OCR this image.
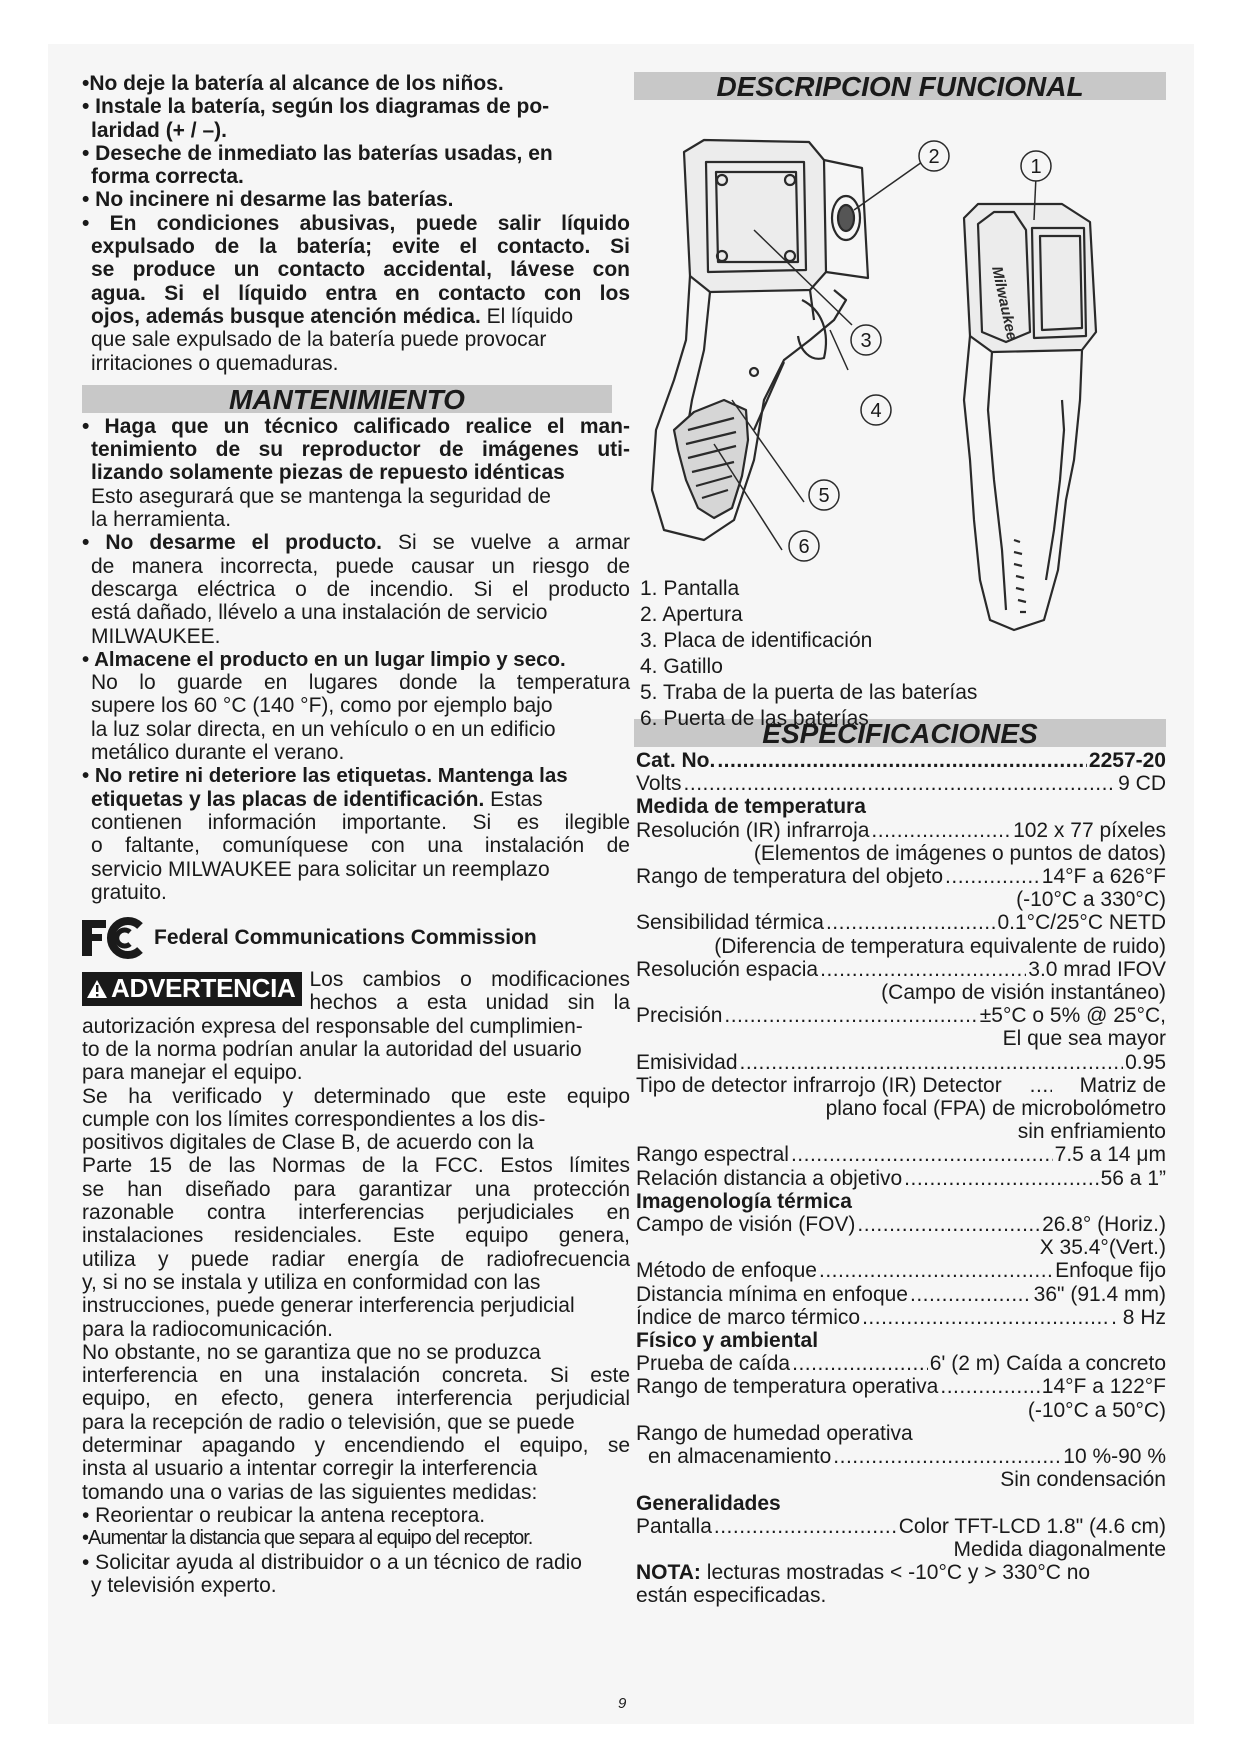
•No deje la batería al alcance de los niños.
• Instale la batería, según los diagramas de po-
laridad (+ / –).
• Deseche de inmediato las baterías usadas, en
forma correcta.
• No incinere ni desarme las baterías.
• En condiciones abusivas, puede salir líquido
expulsado de la batería; evite el contacto. Si
se produce un contacto accidental, lávese con
agua. Si el líquido entra en contacto con los
ojos, además busque atención médica. El líquido
que sale expulsado de la batería puede provocar
irritaciones o quemaduras.
MANTENIMIENTO
• Haga que un técnico calificado realice el man-
tenimiento de su reproductor de imágenes uti-
lizando solamente piezas de repuesto idénticas
Esto asegurará que se mantenga la seguridad de
la herramienta.
• No desarme el producto. Si se vuelve a armar
de manera incorrecta, puede causar un riesgo de
descarga eléctrica o de incendio. Si el producto
está dañado, llévelo a una instalación de servicio
MILWAUKEE.
• Almacene el producto en un lugar limpio y seco.
No lo guarde en lugares donde la temperatura
supere los 60 °C (140 °F), como por ejemplo bajo
la luz solar directa, en un vehículo o en un edificio
metálico durante el verano.
• No retire ni deteriore las etiquetas. Mantenga las
etiquetas y las placas de identificación. Estas
contienen información importante. Si es ilegible
o faltante, comuníquese con una instalación de
servicio MILWAUKEE para solicitar un reemplazo
gratuito.
FC
Federal Communications Commission
ADVERTENCIA Los cambios o modificaciones
hechos a esta unidad sin la
autorización expresa del responsable del cumplimien-
to de la norma podrían anular la autoridad del usuario
para manejar el equipo.
Se ha verificado y determinado que este equipo
cumple con los límites correspondientes a los dis-
positivos digitales de Clase B, de acuerdo con la
Parte 15 de las Normas de la FCC. Estos límites
se han diseñado para garantizar una protección
razonable contra interferencias perjudiciales en
instalaciones residenciales. Este equipo genera,
utiliza y puede radiar energía de radiofrecuencia
y, si no se instala y utiliza en conformidad con las
instrucciones, puede generar interferencia perjudicial
para la radiocomunicación.
No obstante, no se garantiza que no se produzca
interferencia en una instalación concreta. Si este
equipo, en efecto, genera interferencia perjudicial
para la recepción de radio o televisión, que se puede
determinar apagando y encendiendo el equipo, se
insta al usuario a intentar corregir la interferencia
tomando una o varias de las siguientes medidas:
• Reorientar o reubicar la antena receptora.
•Aumentar la distancia que separa al equipo del receptor.
• Solicitar ayuda al distribuidor o a un técnico de radio
y televisión experto.
DESCRIPCION FUNCIONAL
Milwaukee
1
2
3
4
5
6
1. Pantalla
2. Apertura
3. Placa de identificación
4. Gatillo
5. Traba de la puerta de las baterías
6. Puerta de las baterías
ESPECIFICACIONES
Cat. No. .....	2257-20
Volts .....	9 CD
Medida de temperatura
Resolución (IR) infrarroja .....	102 x 77 píxeles
(Elementos de imágenes o puntos de datos)
Rango de temperatura del objeto .....	14°F a 626°F
(-10°C a 330°C)
Sensibilidad térmica .....	0.1°C/25°C NETD
(Diferencia de temperatura equivalente de ruido)
Resolución espacia .....	3.0 mrad IFOV
(Campo de visión instantáneo)
Precisión .....	±5°C o 5% @ 25°C,
El que sea mayor
Emisividad .....	0.95
Tipo de detector infrarrojo (IR) Detector .....	Matriz de
plano focal (FPA) de microbolómetro
sin enfriamiento
Rango espectral .....	7.5 a 14 μm
Relación distancia a objetivo .....	56 a 1”
Imagenología térmica
Campo de visión (FOV) .....	26.8° (Horiz.)
X 35.4°(Vert.)
Método de enfoque .....	Enfoque fijo
Distancia mínima en enfoque .....	36" (91.4 mm)
Índice de marco térmico .....	. 8 Hz
Físico y ambiental
Prueba de caída .....	6' (2 m) Caída a concreto
Rango de temperatura operativa .....	14°F a 122°F
(-10°C a 50°C)
Rango de humedad operativa
en almacenamiento .....	10 %-90 %
Sin condensación
Generalidades
Pantalla .....	Color TFT-LCD 1.8" (4.6 cm)
Medida diagonalmente
NOTA: lecturas mostradas < -10°C y > 330°C no
están especificadas.
9
